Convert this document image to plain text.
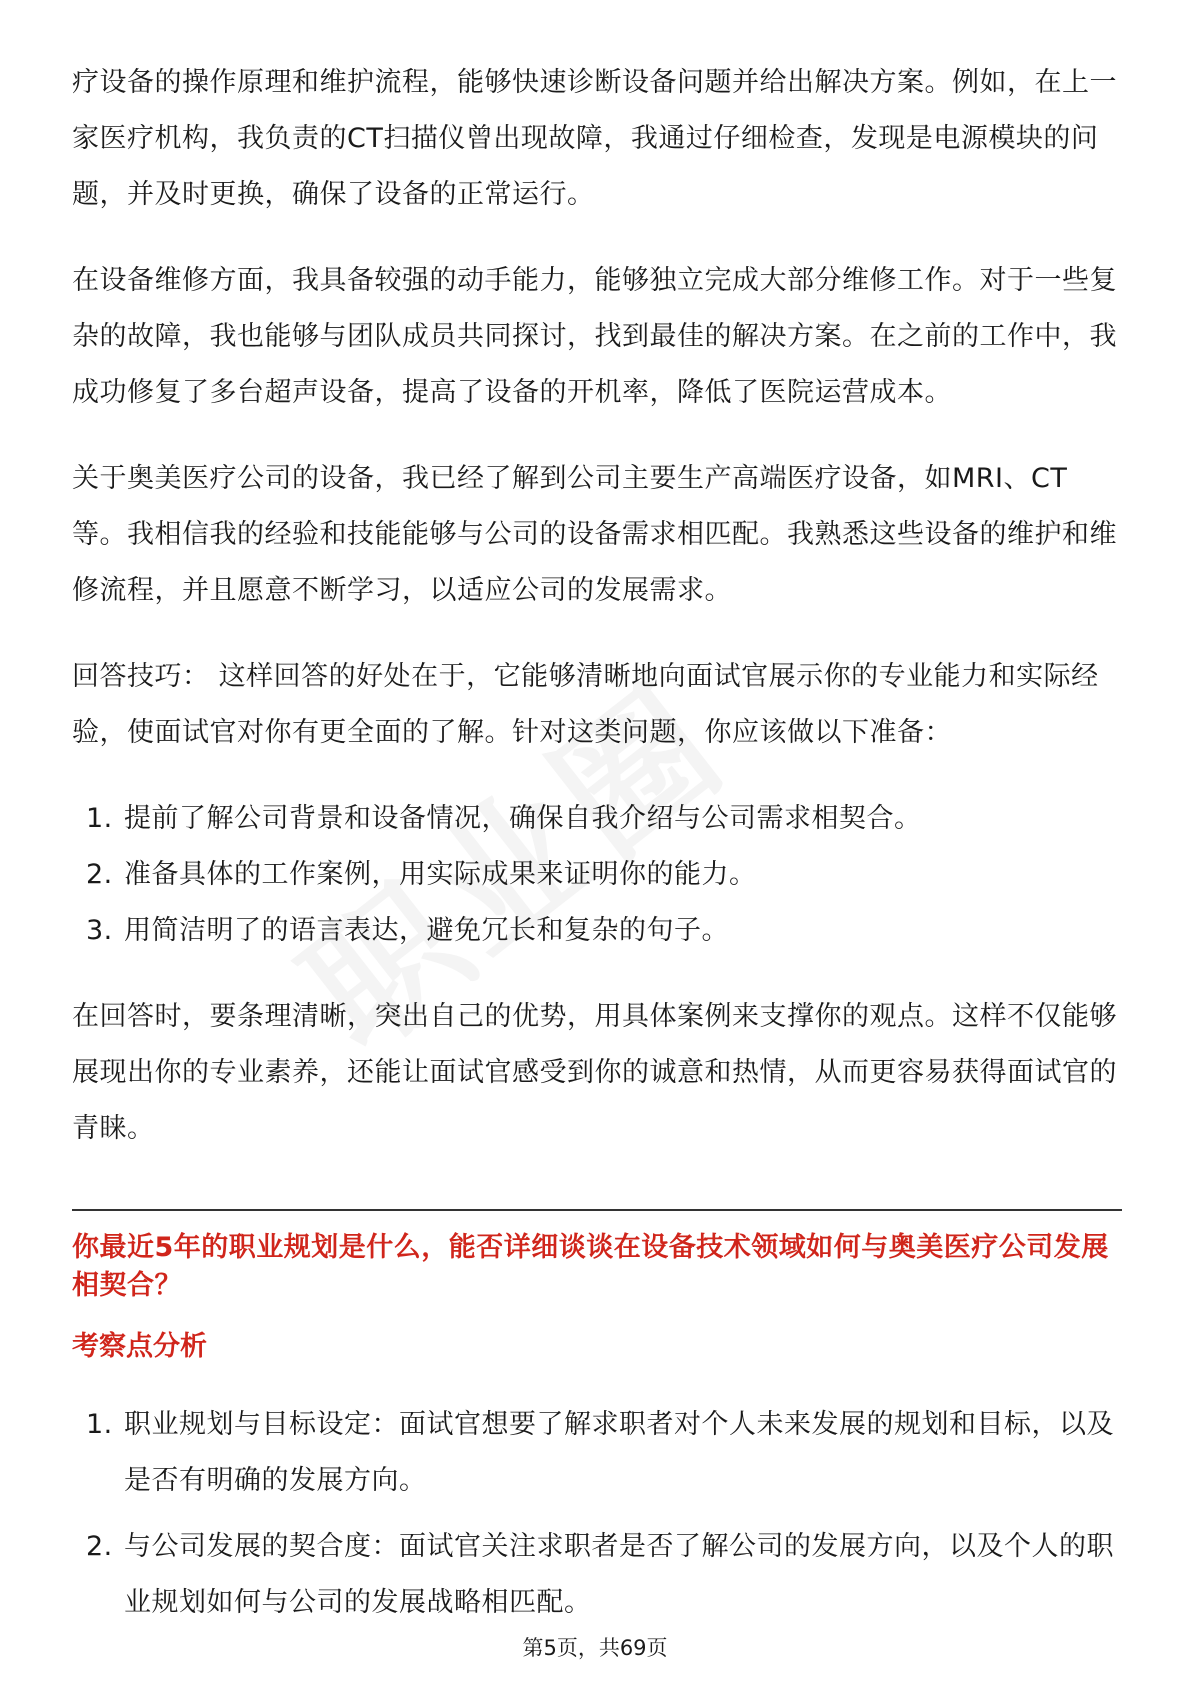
疗设备的操作原理和维护流程，能够快速诊断设备问题并给出解决方案。例如，在上一家医疗机构，我负责的CT扫描仪曾出现故障，我通过仔细检查，发现是电源模块的问题，并及时更换，确保了设备的正常运行。

在设备维修方面，我具备较强的动手能力，能够独立完成大部分维修工作。对于一些复杂的故障，我也能够与团队成员共同探讨，找到最佳的解决方案。在之前的工作中，我成功修复了多台超声设备，提高了设备的开机率，降低了医院运营成本。

关于奥美医疗公司的设备，我已经了解到公司主要生产高端医疗设备，如MRI、CT等。我相信我的经验和技能能够与公司的设备需求相匹配。我熟悉这些设备的维护和维修流程，并且愿意不断学习，以适应公司的发展需求。

回答技巧： 这样回答的好处在于，它能够清晰地向面试官展示你的专业能力和实际经验，使面试官对你有更全面的了解。针对这类问题，你应该做以下准备：

1. 提前了解公司背景和设备情况，确保自我介绍与公司需求相契合。
2. 准备具体的工作案例，用实际成果来证明你的能力。
3. 用简洁明了的语言表达，避免冗长和复杂的句子。

在回答时，要条理清晰，突出自己的优势，用具体案例来支撑你的观点。这样不仅能够展现出你的专业素养，还能让面试官感受到你的诚意和热情，从而更容易获得面试官的青睐。

你最近5年的职业规划是什么，能否详细谈谈在设备技术领域如何与奥美医疗公司发展相契合？
考察点分析
1. 职业规划与目标设定：面试官想要了解求职者对个人未来发展的规划和目标，以及是否有明确的发展方向。
2. 与公司发展的契合度：面试官关注求职者是否了解公司的发展方向，以及个人的职业规划如何与公司的发展战略相匹配。
第5页，共69页
